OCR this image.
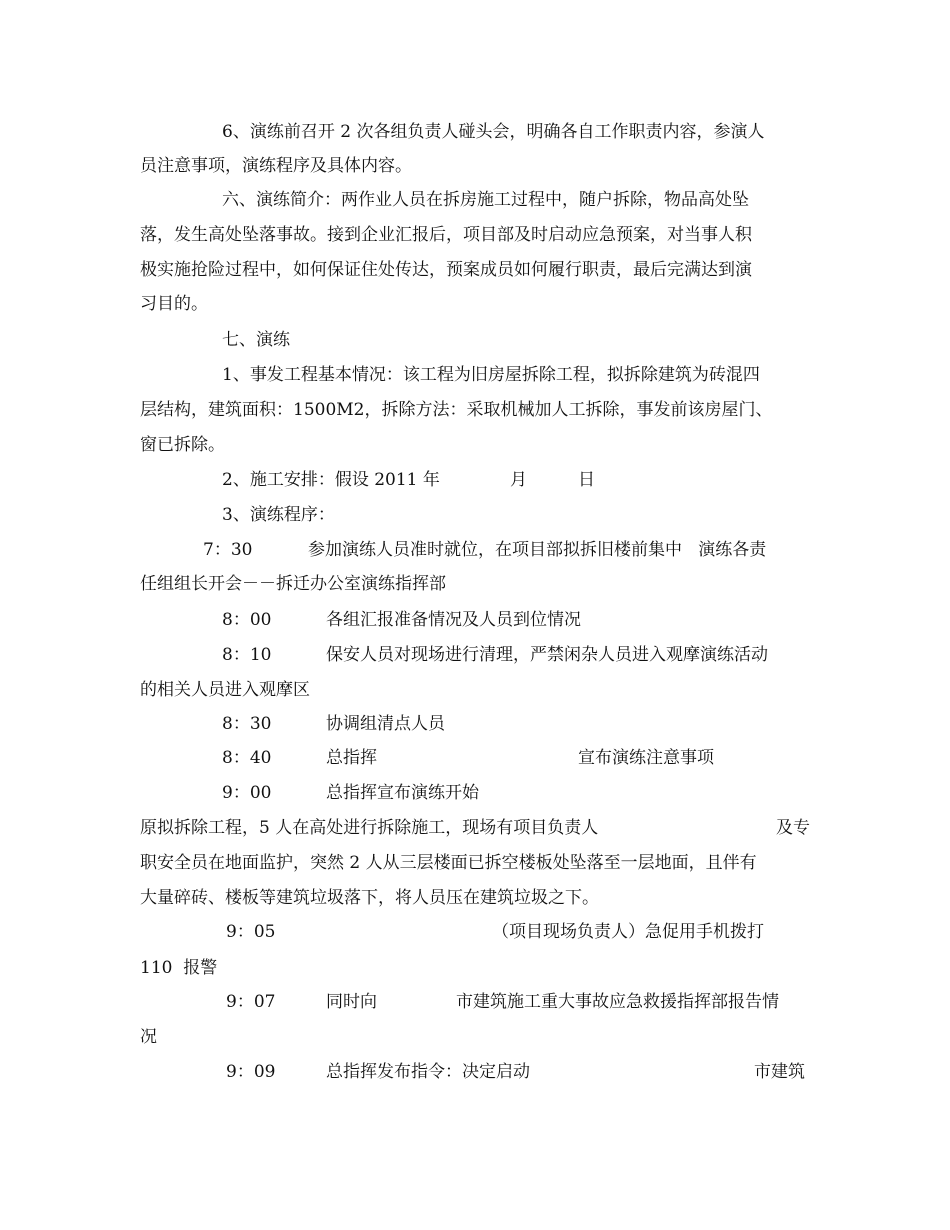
6、演练前召开 2 次各组负责人碰头会，明确各自工作职责内容，参演人
员注意事项，演练程序及具体内容。
六、演练简介：两作业人员在拆房施工过程中，随户拆除，物品高处坠
落，发生高处坠落事故。接到企业汇报后，项目部及时启动应急预案，对当事人积
极实施抢险过程中，如何保证住处传达，预案成员如何履行职责，最后完满达到演
习目的。
七、演练
1、事发工程基本情况：该工程为旧房屋拆除工程，拟拆除建筑为砖混四
层结构，建筑面积：1500M2，拆除方法：采取机械加人工拆除，事发前该房屋门、
窗已拆除。
2、施工安排：假设 2011 年	月	日
3、演练程序：
7：30	参加演练人员准时就位，在项目部拟拆旧楼前集中   演练各责
任组组长开会－－拆迁办公室演练指挥部
8：00	各组汇报准备情况及人员到位情况
8：10	保安人员对现场进行清理，严禁闲杂人员进入观摩演练活动
的相关人员进入观摩区
8：30	协调组清点人员
8：40	总指挥	宣布演练注意事项
9：00	总指挥宣布演练开始
原拟拆除工程，5 人在高处进行拆除施工，现场有项目负责人	及专
职安全员在地面监护，突然 2 人从三层楼面已拆空楼板处坠落至一层地面，且伴有
大量碎砖、楼板等建筑垃圾落下，将人员压在建筑垃圾之下。
9：05	（项目现场负责人）急促用手机拨打
110  报警
9：07	同时向	市建筑施工重大事故应急救援指挥部报告情
况
9：09	总指挥发布指令：决定启动	市建筑
